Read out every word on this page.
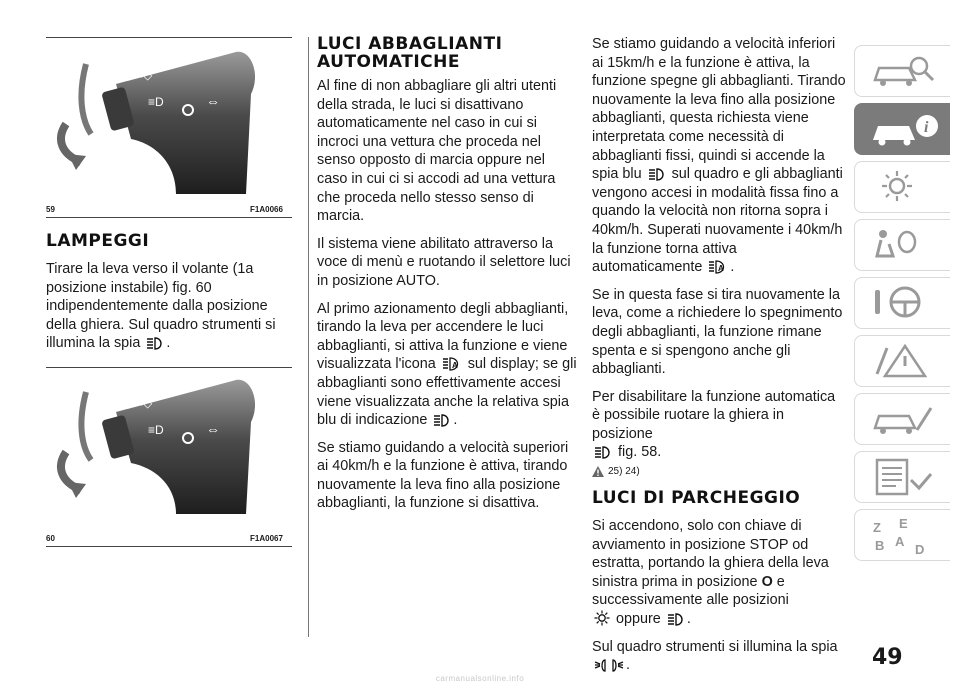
≡◇
≡D	⇔
59	F1A0066
LAMPEGGI

Tirare la leva verso il volante (1a posizione instabile) fig. 60 indipendentemente dalla posizione della ghiera. Sul quadro strumenti si illumina la spia .

≡◇
≡D	⇔
60	F1A0067
LUCI ABBAGLIANTI
AUTOMATICHE

Al fine di non abbagliare gli altri utenti della strada, le luci si disattivano automaticamente nel caso in cui si incroci una vettura che proceda nel senso opposto di marcia oppure nel caso in cui ci si accodi ad una vettura che proceda nello stesso senso di marcia.

Il sistema viene abilitato attraverso la voce di menù e ruotando il selettore luci in posizione AUTO.

Al primo azionamento degli abbaglianti, tirando la leva per accendere le luci abbaglianti, si attiva la funzione e viene visualizzata l'icona A sul display; se gli abbaglianti sono effettivamente accesi viene visualizzata anche la relativa spia blu di indicazione .

Se stiamo guidando a velocità superiori ai 40km/h e la funzione è attiva, tirando nuovamente la leva fino alla posizione abbaglianti, la funzione si disattiva.

Se stiamo guidando a velocità inferiori ai 15km/h e la funzione è attiva, la funzione spegne gli abbaglianti. Tirando nuovamente la leva fino alla posizione abbaglianti, questa richiesta viene interpretata come necessità di abbaglianti fissi, quindi si accende la spia blu sul quadro e gli abbaglianti vengono accesi in modalità fissa fino a quando la velocità non ritorna sopra i 40km/h. Superati nuovamente i 40km/h la funzione torna attiva automaticamente A .

Se in questa fase si tira nuovamente la leva, come a richiedere lo spegnimento degli abbaglianti, la funzione rimane spenta e si spengono anche gli abbaglianti.

Per disabilitare la funzione automatica è possibile ruotare la ghiera in posizione
fig. 58.

25) 24)
LUCI DI PARCHEGGIO

Si accendono, solo con chiave di avviamento in posizione STOP od estratta, portando la ghiera della leva sinistra prima in posizione O e successivamente alle posizioni
oppure .

Sul quadro strumenti si illumina la spia
.

i
Z E
B A
D
49
carmanualsonline.info
